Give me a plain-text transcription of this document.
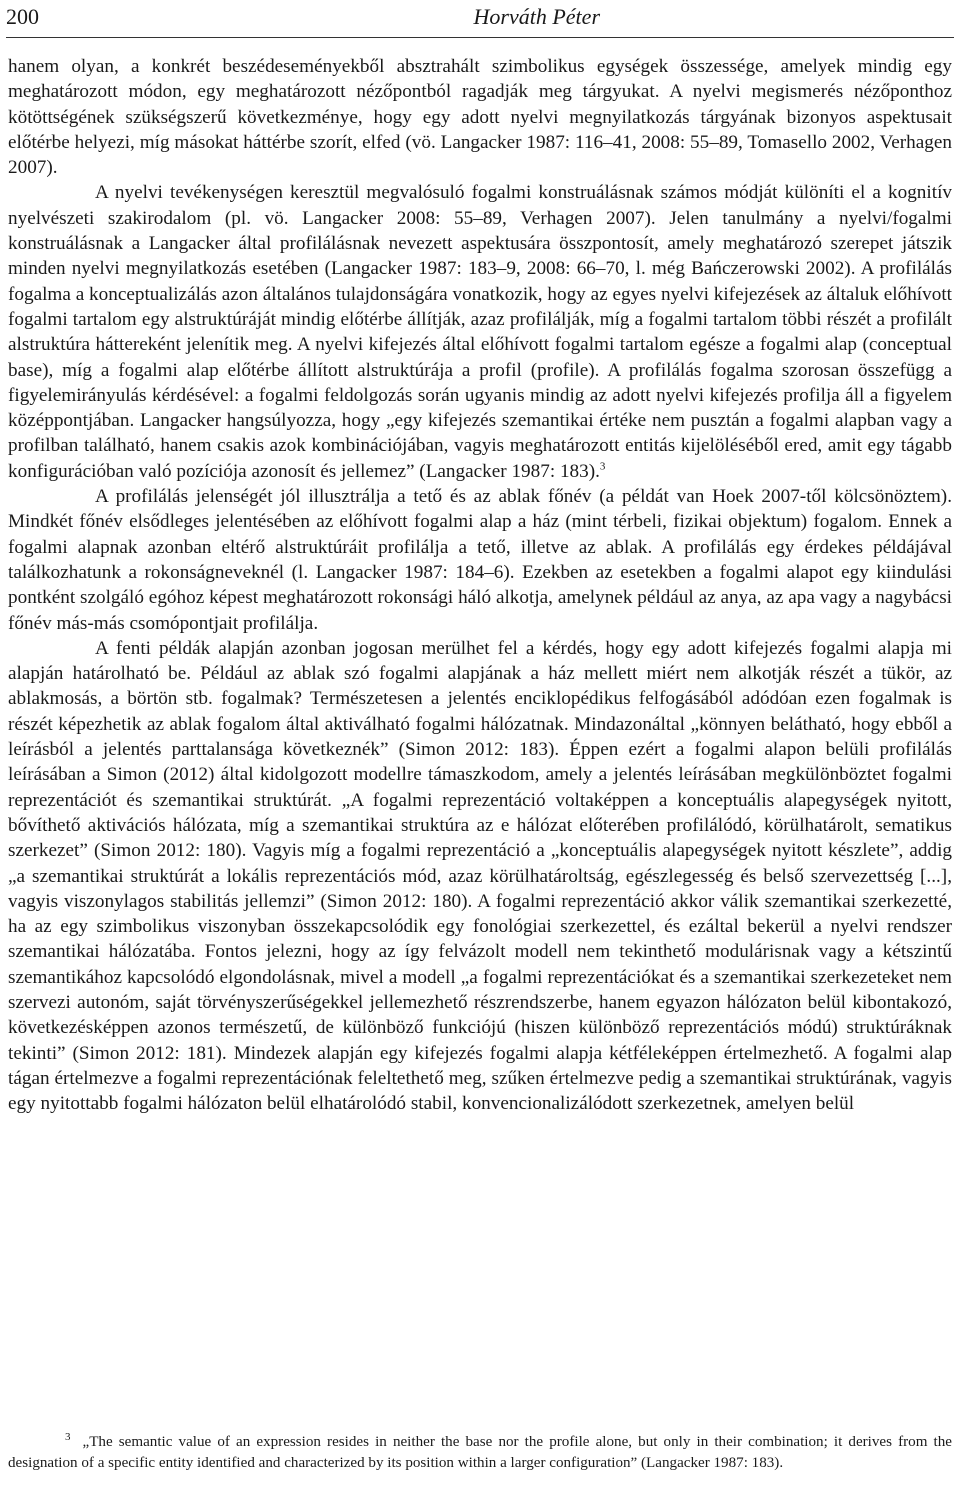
200	Horváth Péter

hanem olyan, a konkrét beszédeseményekből absztrahált szimbolikus egységek összessége, amelyek mindig egy meghatározott módon, egy meghatározott nézőpontból ragadják meg tárgyukat. A nyelvi megismerés nézőponthoz kötöttségének szükségszerű következménye, hogy egy adott nyelvi megnyilatkozás tárgyának bizonyos aspektusait előtérbe helyezi, míg másokat háttérbe szorít, elfed (vö. Langacker 1987: 116‒41, 2008: 55‒89, Tomasello 2002, Verhagen 2007).

A nyelvi tevékenységen keresztül megvalósuló fogalmi konstruálásnak számos módját különíti el a kognitív nyelvészeti szakirodalom (pl. vö. Langacker 2008: 55‒89, Verhagen 2007). Jelen tanulmány a nyelvi/fogalmi konstruálásnak a Langacker által profilálásnak nevezett aspektusára összpontosít, amely meghatározó szerepet játszik minden nyelvi megnyilatkozás esetében (Langacker 1987: 183‒9, 2008: 66‒70, l. még Bańczerowski 2002). A profilálás fogalma a konceptualizálás azon általános tulajdonságára vonatkozik, hogy az egyes nyelvi kifejezések az általuk előhívott fogalmi tartalom egy alstruktúráját mindig előtérbe állítják, azaz profilálják, míg a fogalmi tartalom többi részét a profilált alstruktúra háttereként jelenítik meg. A nyelvi kifejezés által előhívott fogalmi tartalom egésze a fogalmi alap (conceptual base), míg a fogalmi alap előtérbe állított alstruktúrája a profil (profile). A profilálás fogalma szorosan összefügg a figyelemirányulás kérdésével: a fogalmi feldolgozás során ugyanis mindig az adott nyelvi kifejezés profilja áll a figyelem középpontjában. Langacker hangsúlyozza, hogy „egy kifejezés szemantikai értéke nem pusztán a fogalmi alapban vagy a profilban található, hanem csakis azok kombinációjában, vagyis meghatározott entitás kijelöléséből ered, amit egy tágabb konfigurációban való pozíciója azonosít és jellemez” (Langacker 1987: 183).$^3$

A profilálás jelenségét jól illusztrálja a tető és az ablak főnév (a példát van Hoek 2007-től kölcsönöztem). Mindkét főnév elsődleges jelentésében az előhívott fogalmi alap a ház (mint térbeli, fizikai objektum) fogalom. Ennek a fogalmi alapnak azonban eltérő alstruktúráit profilálja a tető, illetve az ablak. A profilálás egy érdekes példájával találkozhatunk a rokonságneveknél (l. Langacker 1987: 184‒6). Ezekben az esetekben a fogalmi alapot egy kiindulási pontként szolgáló egóhoz képest meghatározott rokonsági háló alkotja, amelynek például az anya, az apa vagy a nagybácsi főnév más-más csomópontjait profilálja.

A fenti példák alapján azonban jogosan merülhet fel a kérdés, hogy egy adott kifejezés fogalmi alapja mi alapján határolható be. Például az ablak szó fogalmi alapjának a ház mellett miért nem alkotják részét a tükör, az ablakmosás, a börtön stb. fogalmak? Természetesen a jelentés enciklopédikus felfogásából adódóan ezen fogalmak is részét képezhetik az ablak fogalom által aktiválható fogalmi hálózatnak. Mindazonáltal „könnyen belátható, hogy ebből a leírásból a jelentés parttalansága következnék” (Simon 2012: 183). Éppen ezért a fogalmi alapon belüli profilálás leírásában a Simon (2012) által kidolgozott modellre támaszkodom, amely a jelentés leírásában megkülönböztet fogalmi reprezentációt és szemantikai struktúrát. „A fogalmi reprezentáció voltaképpen a konceptuális alapegységek nyitott, bővíthető aktivációs hálózata, míg a szemantikai struktúra az e hálózat előterében profilálódó, körülhatárolt, sematikus szerkezet” (Simon 2012: 180). Vagyis míg a fogalmi reprezentáció a „konceptuális alapegységek nyitott készlete”, addig „a szemantikai struktúrát a lokális reprezentációs mód, azaz körülhatároltság, egészlegesség és belső szervezettség [...], vagyis viszonylagos stabilitás jellemzi” (Simon 2012: 180). A fogalmi reprezentáció akkor válik szemantikai szerkezetté, ha az egy szimbolikus viszonyban összekapcsolódik egy fonológiai szerkezettel, és ezáltal bekerül a nyelvi rendszer szemantikai hálózatába. Fontos jelezni, hogy az így felvázolt modell nem tekinthető modulárisnak vagy a kétszintű szemantikához kapcsolódó elgondolásnak, mivel a modell „a fogalmi reprezentációkat és a szemantikai szerkezeteket nem szervezi autonóm, saját törvényszerűségekkel jellemezhető részrendszerbe, hanem egyazon hálózaton belül kibontakozó, következésképpen azonos természetű, de különböző funkciójú (hiszen különböző reprezentációs módú) struktúráknak tekinti” (Simon 2012: 181). Mindezek alapján egy kifejezés fogalmi alapja kétféleképpen értelmezhető. A fogalmi alap tágan értelmezve a fogalmi reprezentációnak feleltethető meg, szűken értelmezve pedig a szemantikai struktúrának, vagyis egy nyitottabb fogalmi hálózaton belül elhatárolódó stabil, konvencionalizálódott szerkezetnek, amelyen belül

$^3$ „The semantic value of an expression resides in neither the base nor the profile alone, but only in their combination; it derives from the designation of a specific entity identified and characterized by its position within a larger configuration” (Langacker 1987: 183).
